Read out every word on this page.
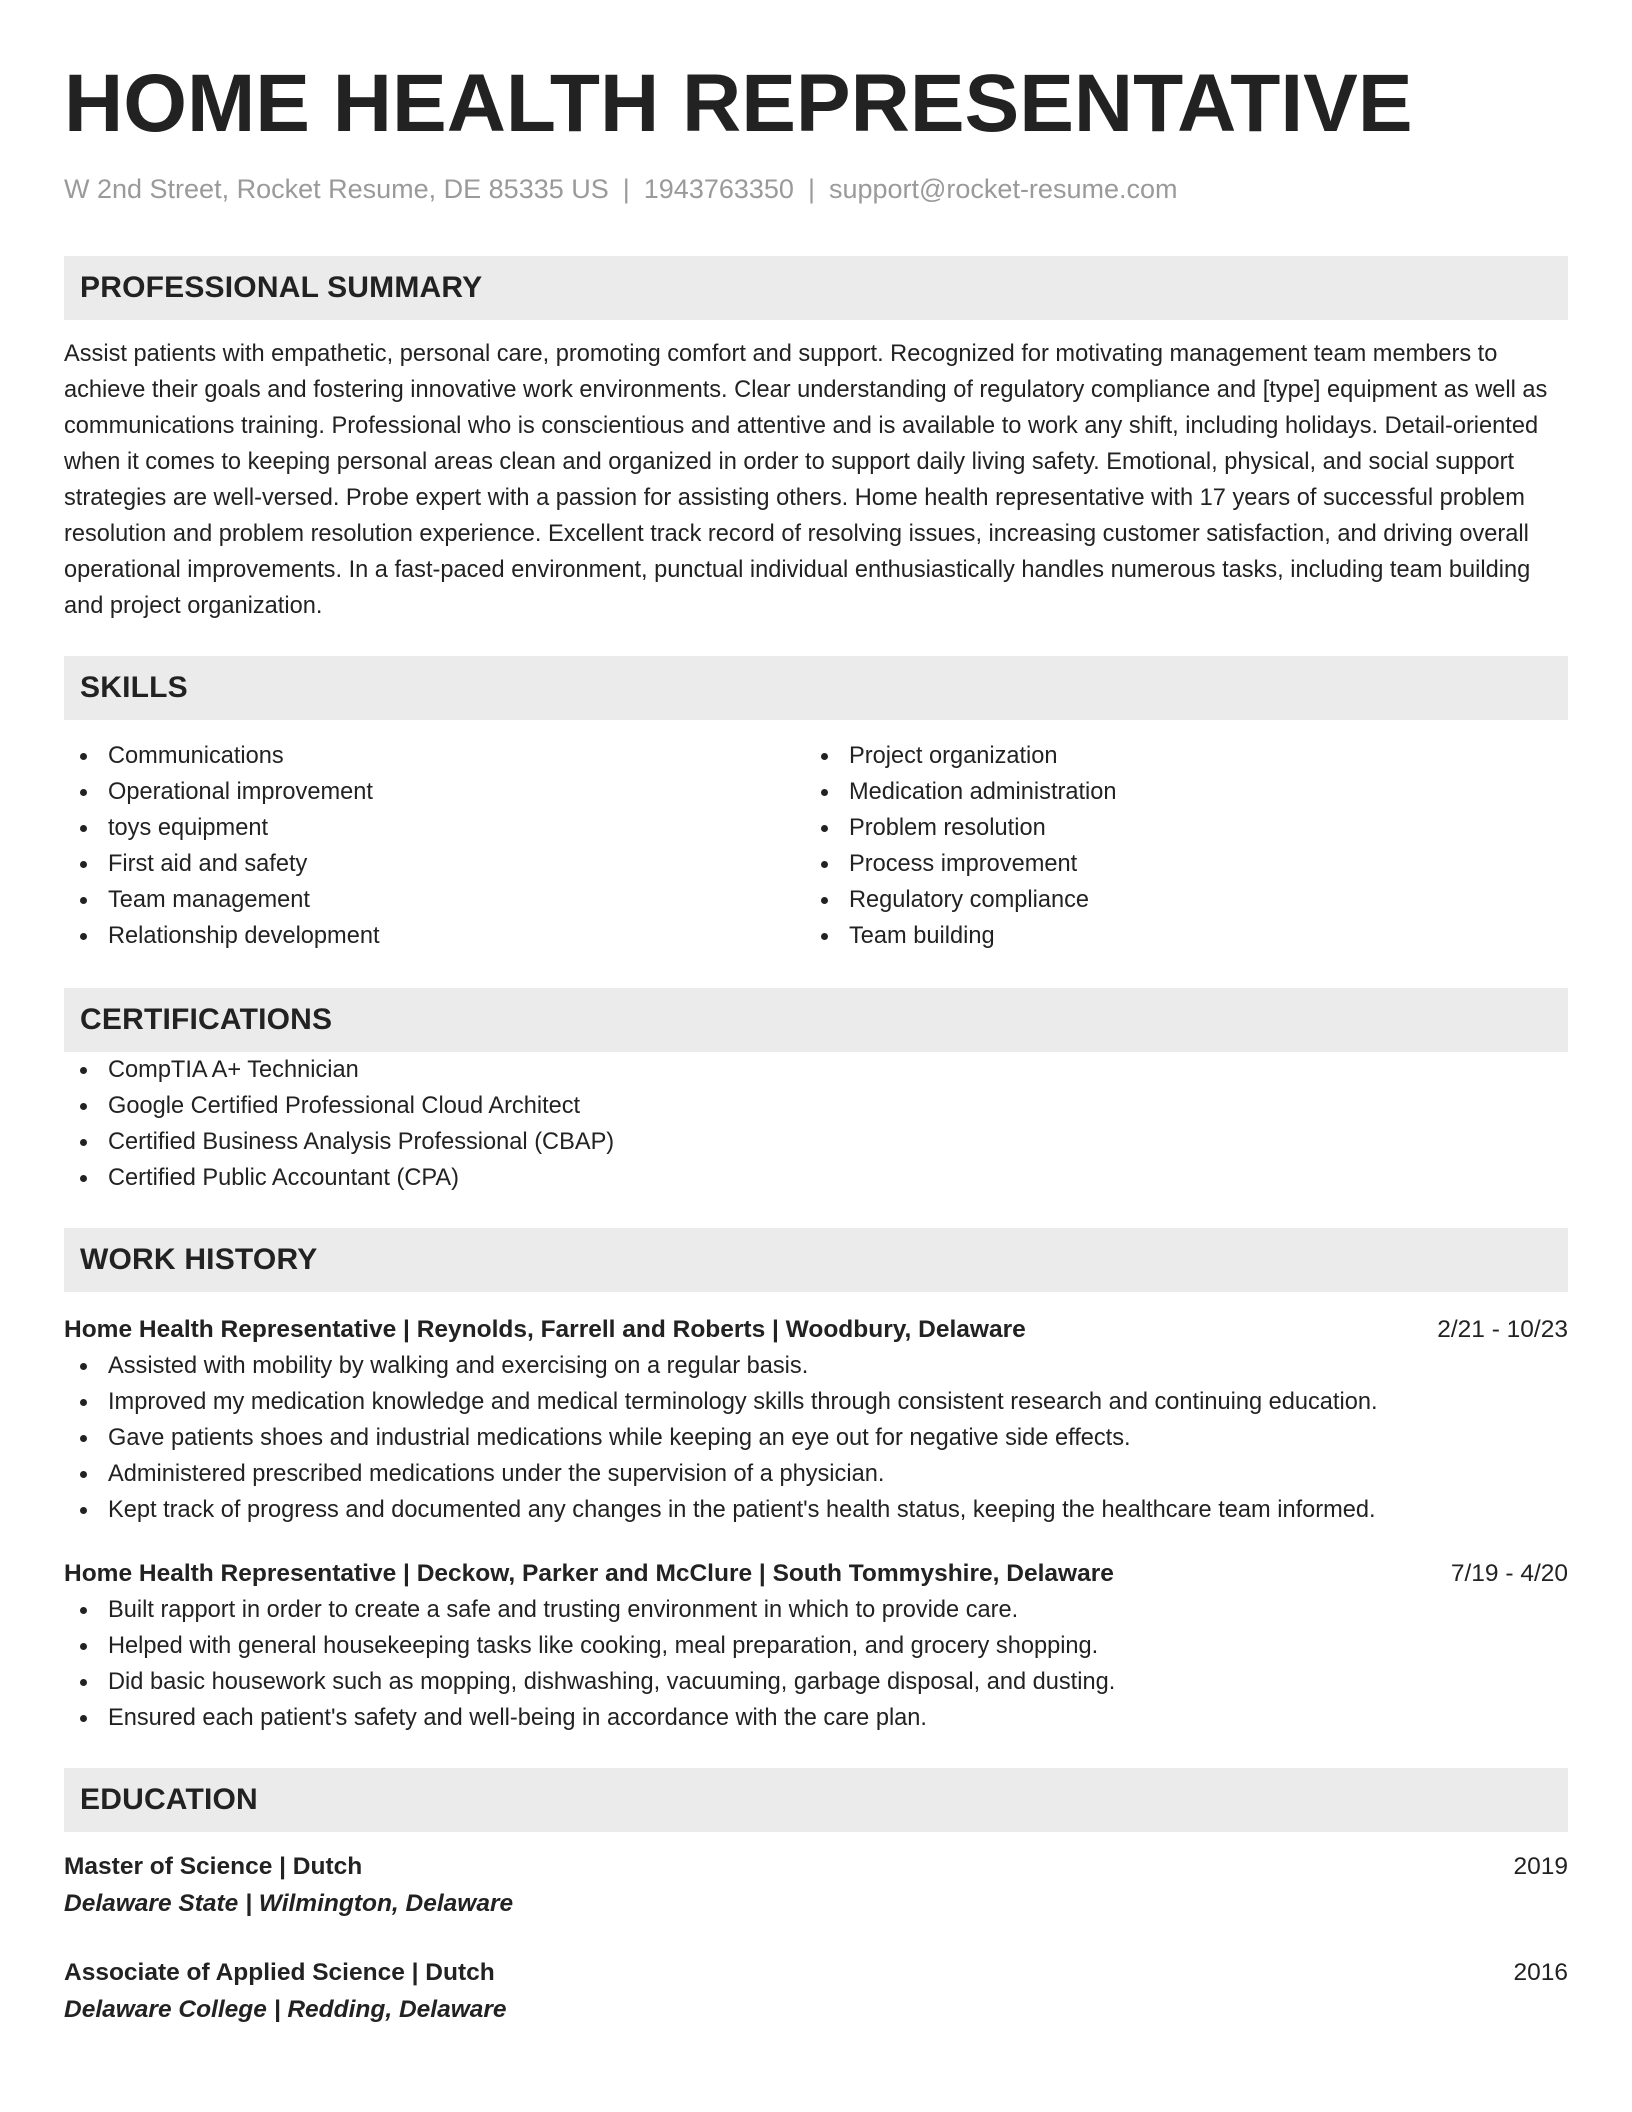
HOME HEALTH REPRESENTATIVE
W 2nd Street, Rocket Resume, DE 85335 US | 1943763350 | support@rocket-resume.com
PROFESSIONAL SUMMARY
Assist patients with empathetic, personal care, promoting comfort and support. Recognized for motivating management team members to achieve their goals and fostering innovative work environments. Clear understanding of regulatory compliance and [type] equipment as well as communications training. Professional who is conscientious and attentive and is available to work any shift, including holidays. Detail-oriented when it comes to keeping personal areas clean and organized in order to support daily living safety. Emotional, physical, and social support strategies are well-versed. Probe expert with a passion for assisting others. Home health representative with 17 years of successful problem resolution and problem resolution experience. Excellent track record of resolving issues, increasing customer satisfaction, and driving overall operational improvements. In a fast-paced environment, punctual individual enthusiastically handles numerous tasks, including team building and project organization.
SKILLS
Communications
Operational improvement
toys equipment
First aid and safety
Team management
Relationship development
Project organization
Medication administration
Problem resolution
Process improvement
Regulatory compliance
Team building
CERTIFICATIONS
CompTIA A+ Technician
Google Certified Professional Cloud Architect
Certified Business Analysis Professional (CBAP)
Certified Public Accountant (CPA)
WORK HISTORY
Home Health Representative | Reynolds, Farrell and Roberts | Woodbury, Delaware	2/21 - 10/23
Assisted with mobility by walking and exercising on a regular basis.
Improved my medication knowledge and medical terminology skills through consistent research and continuing education.
Gave patients shoes and industrial medications while keeping an eye out for negative side effects.
Administered prescribed medications under the supervision of a physician.
Kept track of progress and documented any changes in the patient's health status, keeping the healthcare team informed.
Home Health Representative | Deckow, Parker and McClure | South Tommyshire, Delaware	7/19 - 4/20
Built rapport in order to create a safe and trusting environment in which to provide care.
Helped with general housekeeping tasks like cooking, meal preparation, and grocery shopping.
Did basic housework such as mopping, dishwashing, vacuuming, garbage disposal, and dusting.
Ensured each patient's safety and well-being in accordance with the care plan.
EDUCATION
Master of Science | Dutch	2019
Delaware State | Wilmington, Delaware
Associate of Applied Science | Dutch	2016
Delaware College | Redding, Delaware
